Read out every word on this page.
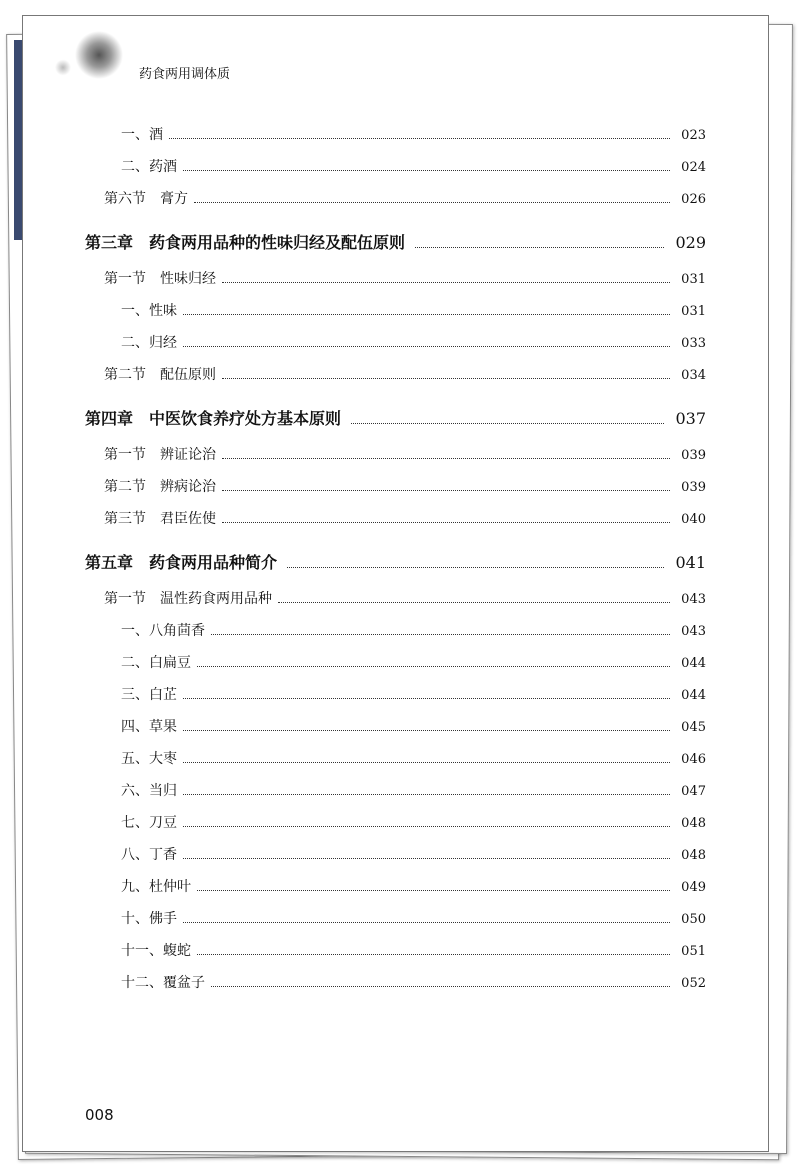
药食两用调体质
一、酒	023
二、药酒	024
第六节　膏方	026
第三章　药食两用品种的性味归经及配伍原则	029
第一节　性味归经	031
一、性味	031
二、归经	033
第二节　配伍原则	034
第四章　中医饮食养疗处方基本原则	037
第一节　辨证论治	039
第二节　辨病论治	039
第三节　君臣佐使	040
第五章　药食两用品种简介	041
第一节　温性药食两用品种	043
一、八角茴香	043
二、白扁豆	044
三、白芷	044
四、草果	045
五、大枣	046
六、当归	047
七、刀豆	048
八、丁香	048
九、杜仲叶	049
十、佛手	050
十一、蝮蛇	051
十二、覆盆子	052
008
